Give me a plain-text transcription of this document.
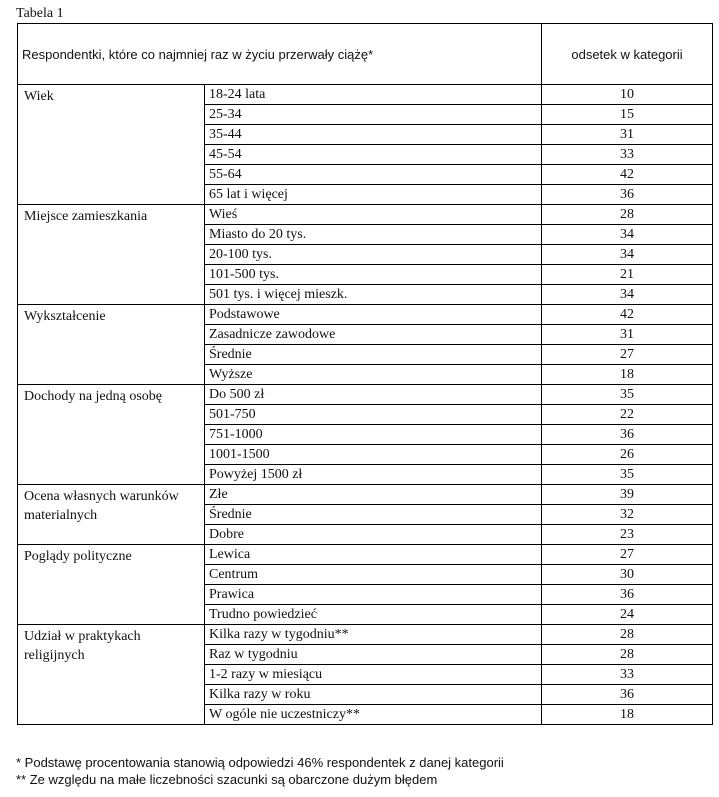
Tabela 1
Respondentki, które co najmniej raz w życiu przerwały ciążę*		odsetek w kategorii

Wiek	18-24 lata	10
	25-34	15
	35-44	31
	45-54	33
	55-64	42
	65 lat i więcej	36

Miejsce zamieszkania	Wieś	28
	Miasto do 20 tys.	34
	20-100 tys.	34
	101-500 tys.	21
	501 tys. i więcej mieszk.	34

Wykształcenie	Podstawowe	42
	Zasadnicze zawodowe	31
	Średnie	27
	Wyższe	18

Dochody na jedną osobę	Do 500 zł	35
	501-750	22
	751-1000	36
	1001-1500	26
	Powyżej 1500 zł	35

Ocena własnych warunków materialnych	Złe	39
	Średnie	32
	Dobre	23

Poglądy polityczne	Lewica	27
	Centrum	30
	Prawica	36
	Trudno powiedzieć	24

Udział w praktykach religijnych	Kilka razy w tygodniu**	28
	Raz w tygodniu	28
	1-2 razy w miesiącu	33
	Kilka razy w roku	36
	W ogóle nie uczestniczy**	18
* Podstawę procentowania stanowią odpowiedzi 46% respondentek z danej kategorii
** Ze względu na małe liczebności szacunki są obarczone dużym błędem
